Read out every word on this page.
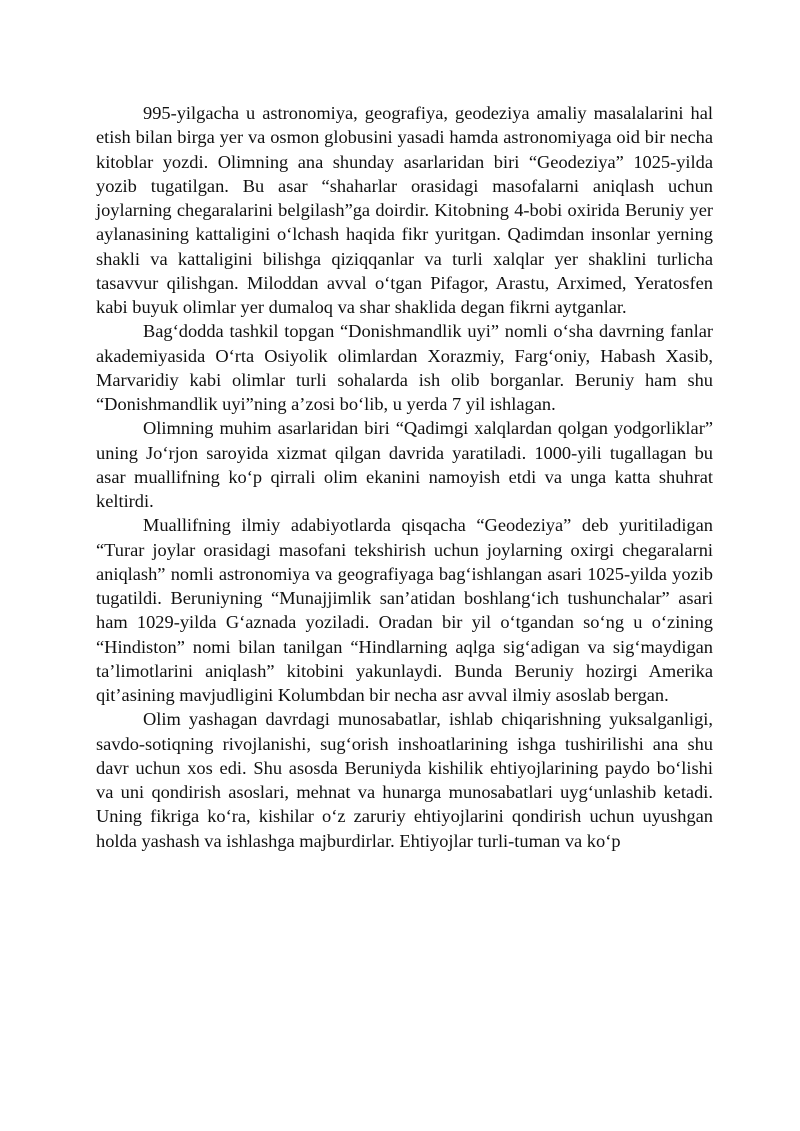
995-yilgacha u astronomiya, geografiya, geodeziya amaliy masalalarini hal etish bilan birga yer va osmon globusini yasadi hamda astronomiyaga oid bir necha kitoblar yozdi. Olimning ana shunday asarlaridan biri “Geodeziya” 1025-yilda yozib tugatilgan. Bu asar “shaharlar orasidagi masofalarni aniqlash uchun joylarning chegaralarini belgilash”ga doirdir. Kitobning 4-bobi oxirida Beruniy yer aylanasining kattaligini o‘lchash haqida fikr yuritgan. Qadimdan insonlar yerning shakli va kattaligini bilishga qiziqqanlar va turli xalqlar yer shaklini turlicha tasavvur qilishgan. Miloddan avval o‘tgan Pifagor, Arastu, Arximed, Yeratosfen kabi buyuk olimlar yer dumaloq va shar shaklida degan fikrni aytganlar.

Bag‘dodda tashkil topgan “Donishmandlik uyi” nomli o‘sha davrning fanlar akademiyasida O‘rta Osiyolik olimlardan Xorazmiy, Farg‘oniy, Habash Xasib, Marvaridiy kabi olimlar turli sohalarda ish olib borganlar. Beruniy ham shu “Donishmandlik uyi”ning a’zosi bo‘lib, u yerda 7 yil ishlagan.

Olimning muhim asarlaridan biri “Qadimgi xalqlardan qolgan yodgorliklar” uning Jo‘rjon saroyida xizmat qilgan davrida yaratiladi. 1000-yili tugallagan bu asar muallifning ko‘p qirrali olim ekanini namoyish etdi va unga katta shuhrat keltirdi.

Muallifning ilmiy adabiyotlarda qisqacha “Geodeziya” deb yuritiladigan “Turar joylar orasidagi masofani tekshirish uchun joylarning oxirgi chegaralarni aniqlash” nomli astronomiya va geografiyaga bag‘ishlangan asari 1025-yilda yozib tugatildi. Beruniyning “Munajjimlik san’atidan boshlang‘ich tushunchalar” asari ham 1029-yilda G‘aznada yoziladi. Oradan bir yil o‘tgandan so‘ng u o‘zining “Hindiston” nomi bilan tanilgan “Hindlarning aqlga sig‘adigan va sig‘maydigan ta’limotlarini aniqlash” kitobini yakunlaydi. Bunda Beruniy hozirgi Amerika qit’asining mavjudligini Kolumbdan bir necha asr avval ilmiy asoslab bergan.

Olim yashagan davrdagi munosabatlar, ishlab chiqarishning yuksalganligi, savdo-sotiqning rivojlanishi, sug‘orish inshoatlarining ishga tushirilishi ana shu davr uchun xos edi. Shu asosda Beruniyda kishilik ehtiyojlarining paydo bo‘lishi va uni qondirish asoslari, mehnat va hunarga munosabatlari uyg‘unlashib ketadi. Uning fikriga ko‘ra, kishilar o‘z zaruriy ehtiyojlarini qondirish uchun uyushgan holda yashash va ishlashga majburdirlar. Ehtiyojlar turli-tuman va ko‘p
